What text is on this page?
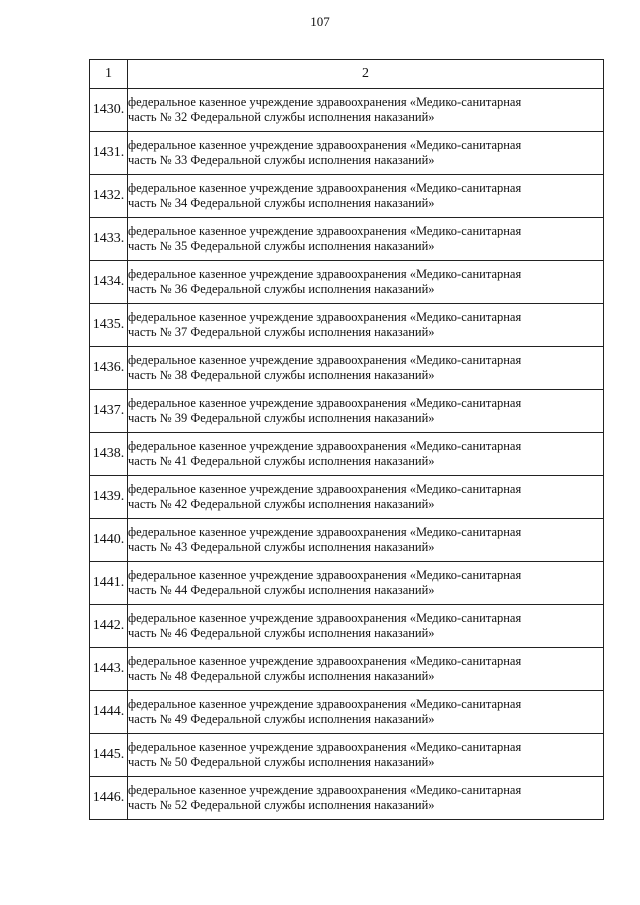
107
1	2
1430.	федеральное казенное учреждение здравоохранения «Медико-санитарная
часть № 32 Федеральной службы исполнения наказаний»

1431.	федеральное казенное учреждение здравоохранения «Медико-санитарная
часть № 33 Федеральной службы исполнения наказаний»

1432.	федеральное казенное учреждение здравоохранения «Медико-санитарная
часть № 34 Федеральной службы исполнения наказаний»

1433.	федеральное казенное учреждение здравоохранения «Медико-санитарная
часть № 35 Федеральной службы исполнения наказаний»

1434.	федеральное казенное учреждение здравоохранения «Медико-санитарная
часть № 36 Федеральной службы исполнения наказаний»

1435.	федеральное казенное учреждение здравоохранения «Медико-санитарная
часть № 37 Федеральной службы исполнения наказаний»

1436.	федеральное казенное учреждение здравоохранения «Медико-санитарная
часть № 38 Федеральной службы исполнения наказаний»

1437.	федеральное казенное учреждение здравоохранения «Медико-санитарная
часть № 39 Федеральной службы исполнения наказаний»

1438.	федеральное казенное учреждение здравоохранения «Медико-санитарная
часть № 41 Федеральной службы исполнения наказаний»

1439.	федеральное казенное учреждение здравоохранения «Медико-санитарная
часть № 42 Федеральной службы исполнения наказаний»

1440.	федеральное казенное учреждение здравоохранения «Медико-санитарная
часть № 43 Федеральной службы исполнения наказаний»

1441.	федеральное казенное учреждение здравоохранения «Медико-санитарная
часть № 44 Федеральной службы исполнения наказаний»

1442.	федеральное казенное учреждение здравоохранения «Медико-санитарная
часть № 46 Федеральной службы исполнения наказаний»

1443.	федеральное казенное учреждение здравоохранения «Медико-санитарная
часть № 48 Федеральной службы исполнения наказаний»

1444.	федеральное казенное учреждение здравоохранения «Медико-санитарная
часть № 49 Федеральной службы исполнения наказаний»

1445.	федеральное казенное учреждение здравоохранения «Медико-санитарная
часть № 50 Федеральной службы исполнения наказаний»

1446.	федеральное казенное учреждение здравоохранения «Медико-санитарная
часть № 52 Федеральной службы исполнения наказаний»
